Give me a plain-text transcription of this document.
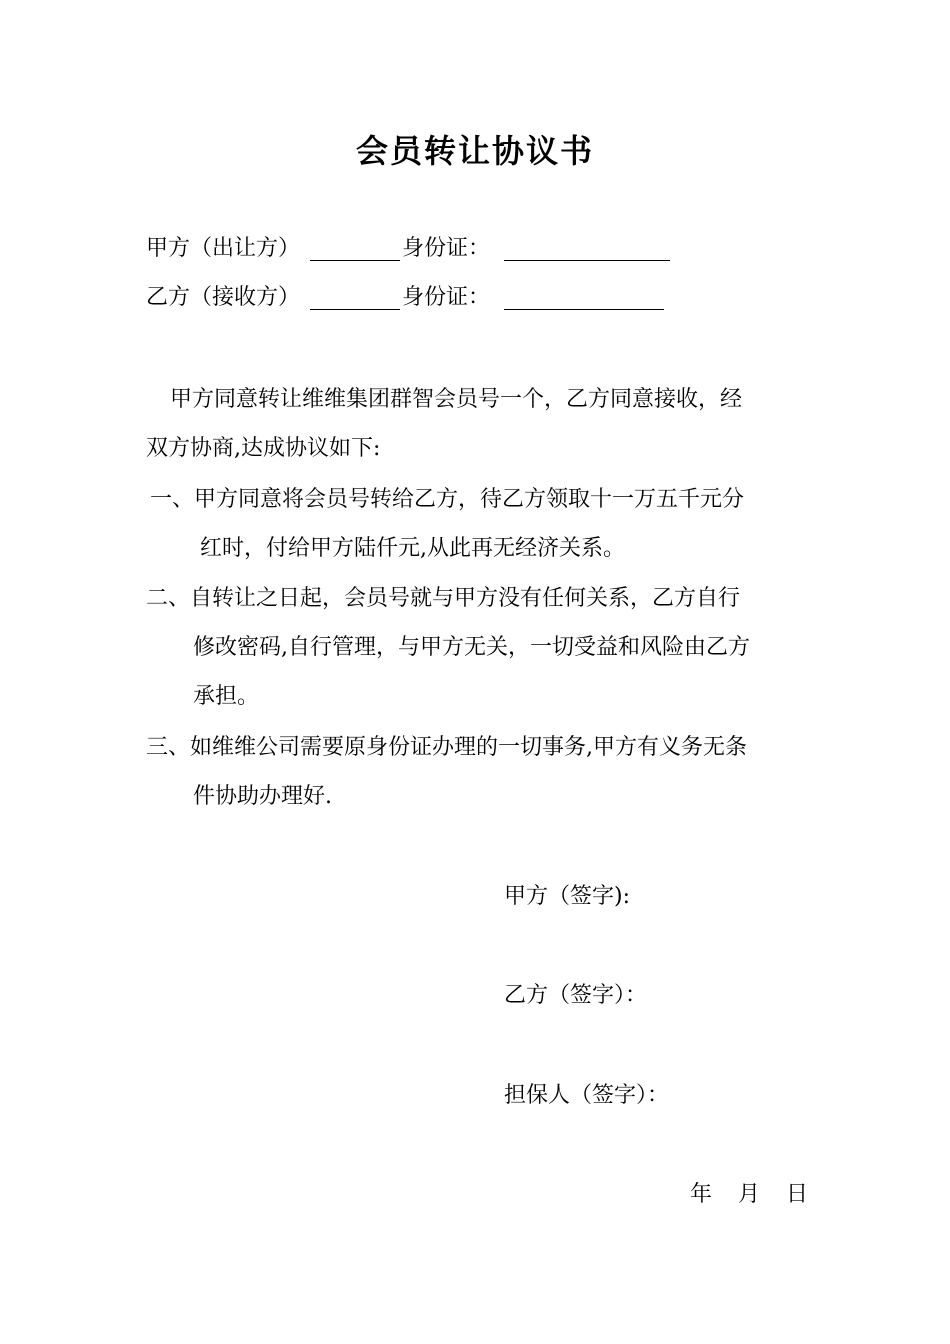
会员转让协议书
甲方（出让方）	身份证：
乙方（接收方）	身份证：
甲方同意转让维维集团群智会员号一个，乙方同意接收，经
双方协商,达成协议如下:
一、甲方同意将会员号转给乙方，待乙方领取十一万五千元分
红时，付给甲方陆仟元,从此再无经济关系。
二、自转让之日起，会员号就与甲方没有任何关系，乙方自行
修改密码,自行管理，与甲方无关，一切受益和风险由乙方
承担。
三、如维维公司需要原身份证办理的一切事务,甲方有义务无条
件协助办理好.
甲方（签字):
乙方（签字）：
担保人（签字）：
年 月 日
